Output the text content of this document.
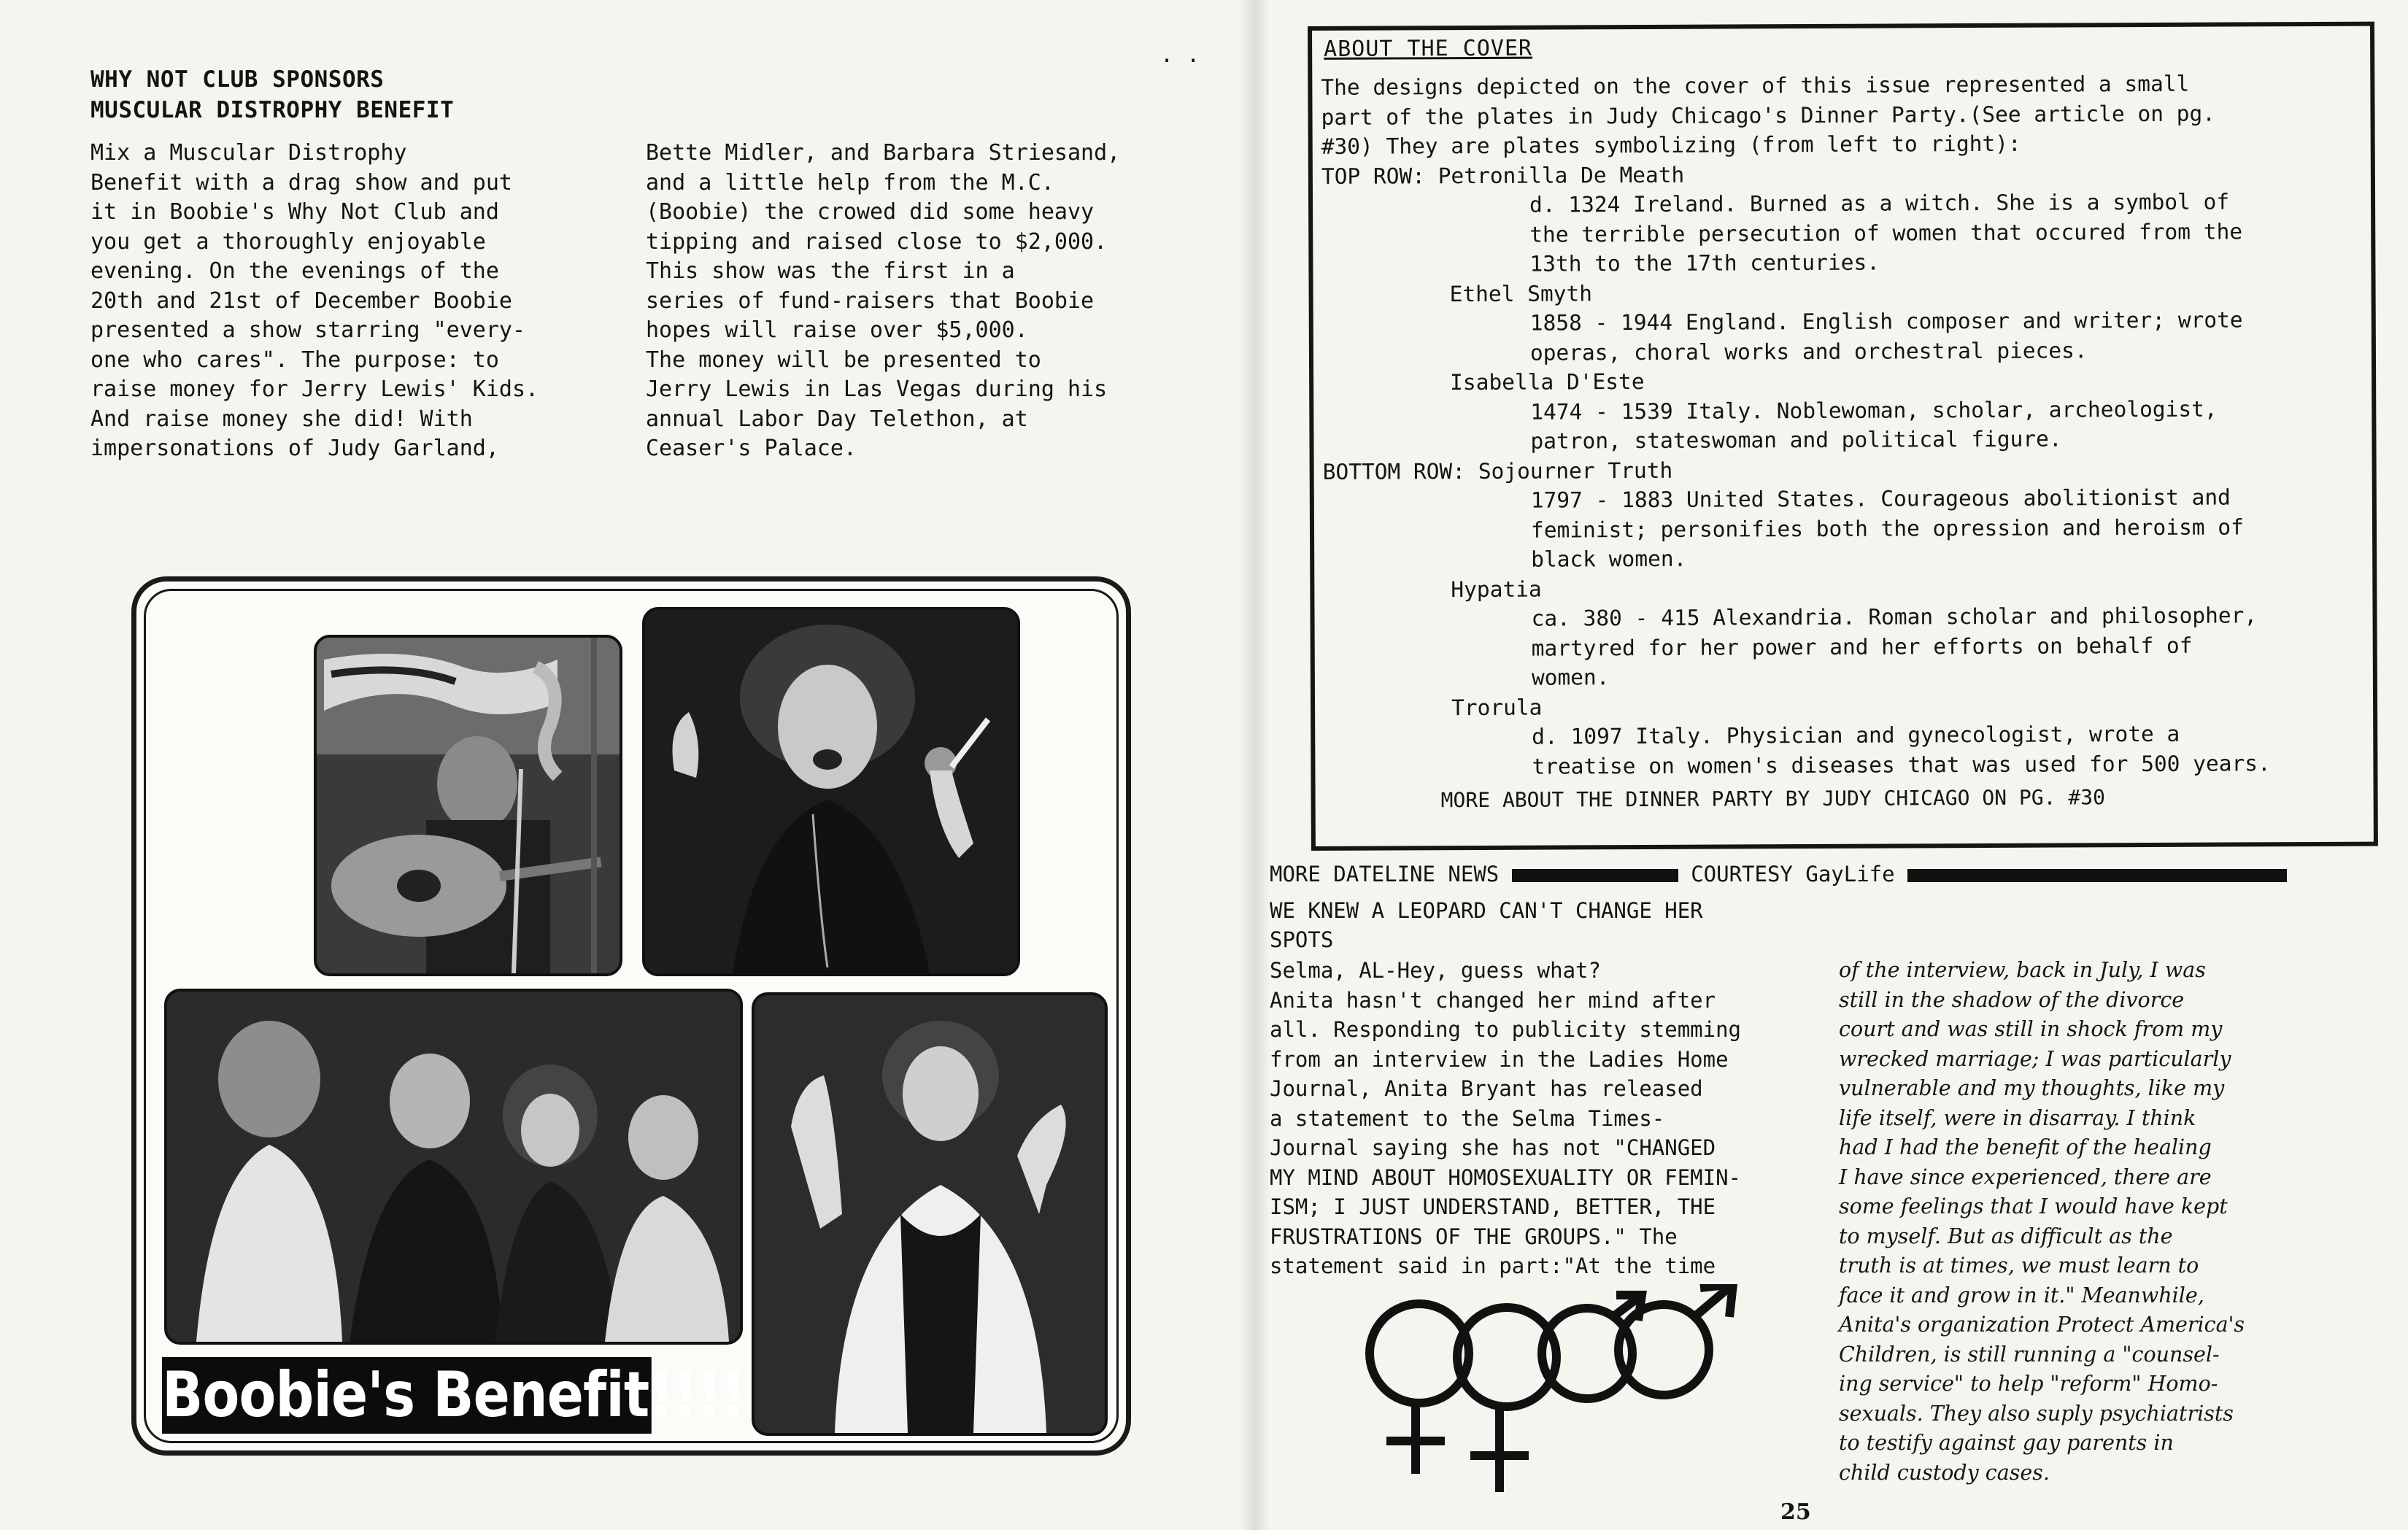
WHY NOT CLUB SPONSORS
MUSCULAR DISTROPHY BENEFIT
. .

Mix a Muscular Distrophy
Benefit with a drag show and put
it in Boobie's Why Not Club and
you get a thoroughly enjoyable
evening. On the evenings of the
20th and 21st of December Boobie
presented a show starring "every-
one who cares". The purpose: to
raise money for Jerry Lewis' Kids.

And raise money she did! With
impersonations of Judy Garland,

Bette Midler, and Barbara Striesand,
and a little help from the M.C.
(Boobie) the crowed did some heavy
tipping and raised close to $2,000.

This show was the first in a
series of fund-raisers that Boobie
hopes will raise over $5,000.
The money will be presented to
Jerry Lewis in Las Vegas during his
annual Labor Day Telethon, at
Ceaser's Palace.

Boobie's Benefit!!!!
ABOUT THE COVER

The designs depicted on the cover of this issue represented a small
part of the plates in Judy Chicago's Dinner Party.(See article on pg.
#30) They are plates symbolizing (from left to right):

TOP ROW: Petronilla De Meath

d. 1324 Ireland. Burned as a witch. She is a symbol of
the terrible persecution of women that occured from the
13th to the 17th centuries.

Ethel Smyth

1858 - 1944 England. English composer and writer; wrote
operas, choral works and orchestral pieces.

Isabella D'Este

1474 - 1539 Italy. Noblewoman, scholar, archeologist,
patron, stateswoman and political figure.

BOTTOM ROW: Sojourner Truth

1797 - 1883 United States. Courageous abolitionist and
feminist; personifies both the opression and heroism of
black women.

Hypatia

ca. 380 - 415 Alexandria. Roman scholar and philosopher,
martyred for her power and her efforts on behalf of
women.

Trorula

d. 1097 Italy. Physician and gynecologist, wrote a
treatise on women's diseases that was used for 500 years.

MORE ABOUT THE DINNER PARTY BY JUDY CHICAGO ON PG. #30

MORE DATELINE NEWS	COURTESY GayLife
WE KNEW A LEOPARD CAN'T CHANGE HER
SPOTS

Selma, AL-Hey, guess what?
Anita hasn't changed her mind after
all. Responding to publicity stemming
from an interview in the Ladies Home
Journal, Anita Bryant has released
a statement to the Selma Times-
Journal saying she has not "CHANGED
MY MIND ABOUT HOMOSEXUALITY OR FEMIN-
ISM; I JUST UNDERSTAND, BETTER, THE
FRUSTRATIONS OF THE GROUPS." The
statement said in part:"At the time

of the interview, back in July, I was
still in the shadow of the divorce
court and was still in shock from my
wrecked marriage; I was particularly
vulnerable and my thoughts, like my
life itself, were in disarray. I think
had I had the benefit of the healing
I have since experienced, there are
some feelings that I would have kept
to myself. But as difficult as the
truth is at times, we must learn to
face it and grow in it." Meanwhile,
Anita's organization Protect America's
Children, is still running a "counsel-
ing service" to help "reform" Homo-
sexuals. They also suply psychiatrists
to testify against gay parents in
child custody cases.

25
